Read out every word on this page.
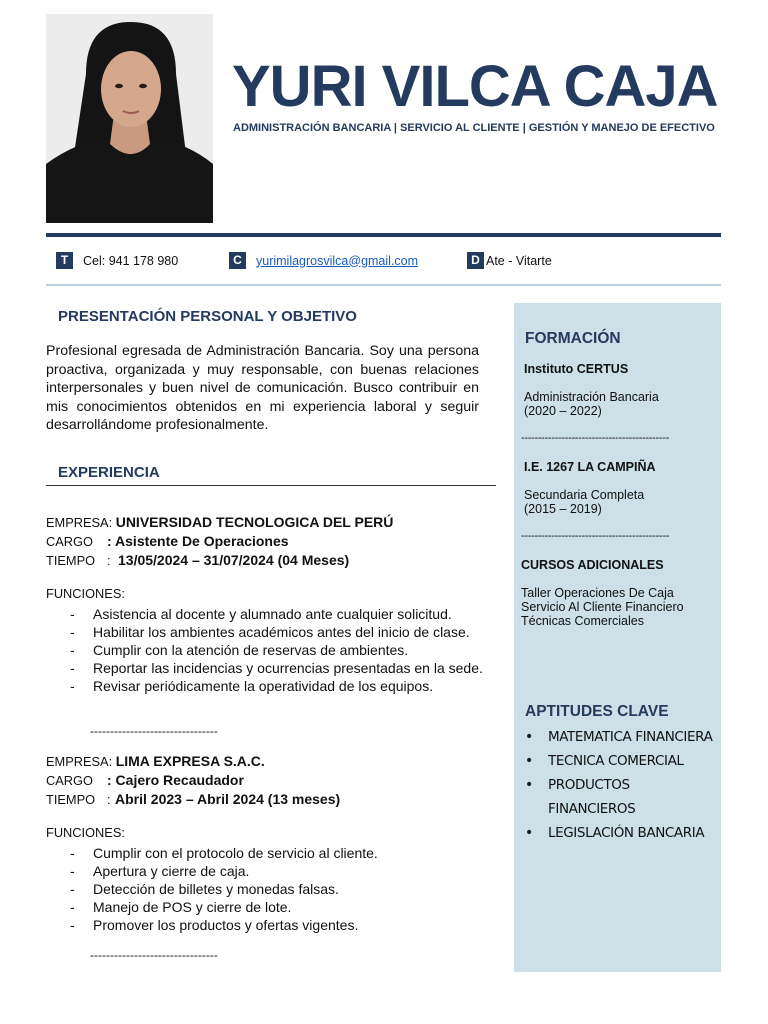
YURI VILCA CAJA
ADMINISTRACIÓN BANCARIA | SERVICIO AL CLIENTE | GESTIÓN Y MANEJO DE EFECTIVO
T	Cel: 941 178 980	C	yurimilagrosvilca@gmail.com	D Ate - Vitarte
PRESENTACIÓN PERSONAL Y OBJETIVO

Profesional egresada de Administración Bancaria. Soy una persona proactiva, organizada y muy responsable, con buenas relaciones interpersonales y buen nivel de comunicación. Busco contribuir en mis conocimientos obtenidos en mi experiencia laboral y seguir desarrollándome profesionalmente.

EXPERIENCIA
EMPRESA: UNIVERSIDAD TECNOLOGICA DEL PERÚ
CARGO : Asistente De Operaciones
TIEMPO : 13/05/2024 – 31/07/2024 (04 Meses)
FUNCIONES:
- Asistencia al docente y alumnado ante cualquier solicitud.
- Habilitar los ambientes académicos antes del inicio de clase.
- Cumplir con la atención de reservas de ambientes.
- Reportar las incidencias y ocurrencias presentadas en la sede.
- Revisar periódicamente la operatividad de los equipos.
--------------------------------
EMPRESA: LIMA EXPRESA S.A.C.
CARGO : Cajero Recaudador
TIEMPO : Abril 2023 – Abril 2024 (13 meses)
FUNCIONES:
- Cumplir con el protocolo de servicio al cliente.
- Apertura y cierre de caja.
- Detección de billetes y monedas falsas.
- Manejo de POS y cierre de lote.
- Promover los productos y ofertas vigentes.
--------------------------------
FORMACIÓN
Instituto CERTUS
Administración Bancaria
(2020 – 2022)
--------------------------------------------
I.E. 1267 LA CAMPIÑA
Secundaria Completa
(2015 – 2019)
--------------------------------------------
CURSOS ADICIONALES
Taller Operaciones De Caja
Servicio Al Cliente Financiero
Técnicas Comerciales
APTITUDES CLAVE
• MATEMATICA FINANCIERA
• TECNICA COMERCIAL
• PRODUCTOS FINANCIEROS
• LEGISLACIÓN BANCARIA
